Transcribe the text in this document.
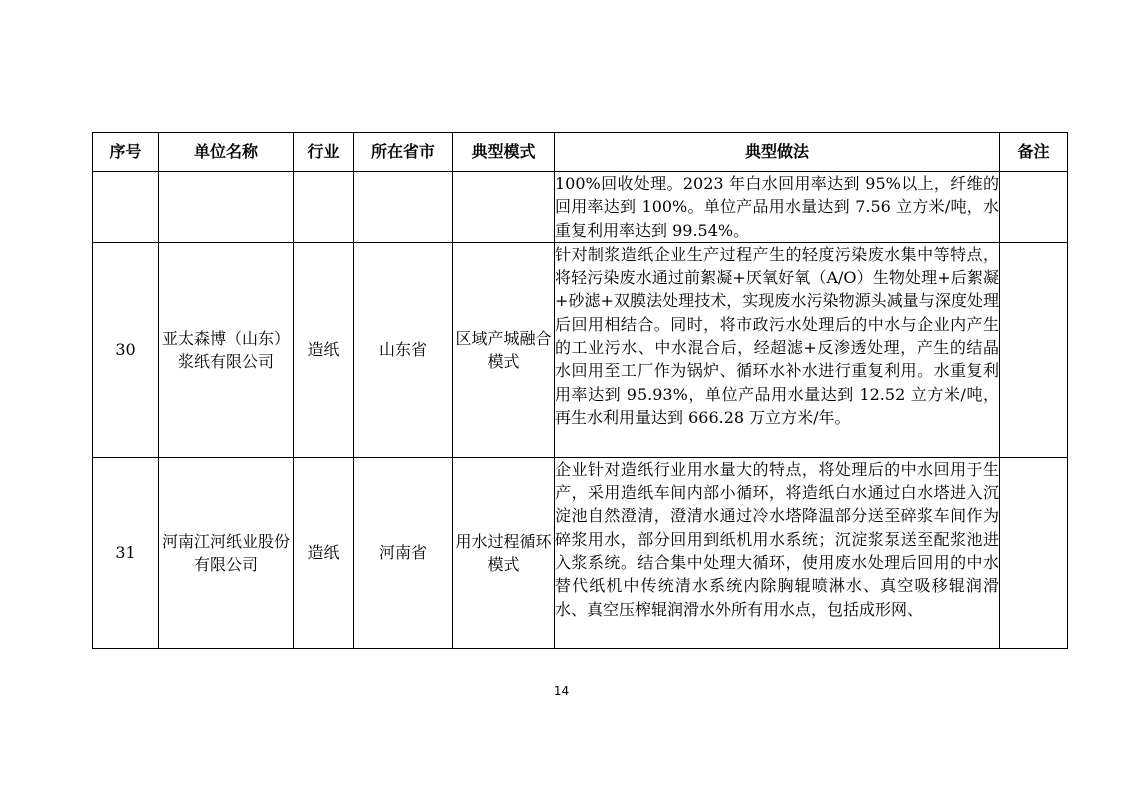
序号	单位名称	行业	所在省市	典型模式	典型做法	备注
					100%回收处理。2023 年白水回用率达到 95%以上，纤维的回用率达到 100%。单位产品用水量达到 7.56 立方米/吨，水重复利用率达到 99.54%。	
30	亚太森博（山东）浆纸有限公司	造纸	山东省	区域产城融合模式	针对制浆造纸企业生产过程产生的轻度污染废水集中等特点，将轻污染废水通过前絮凝+厌氧好氧（A/O）生物处理+后絮凝+砂滤+双膜法处理技术，实现废水污染物源头减量与深度处理后回用相结合。同时，将市政污水处理后的中水与企业内产生的工业污水、中水混合后，经超滤+反渗透处理，产生的结晶水回用至工厂作为锅炉、循环水补水进行重复利用。水重复利用率达到 95.93%，单位产品用水量达到 12.52 立方米/吨，再生水利用量达到 666.28 万立方米/年。	
31	河南江河纸业股份有限公司	造纸	河南省	用水过程循环模式	企业针对造纸行业用水量大的特点，将处理后的中水回用于生产，采用造纸车间内部小循环，将造纸白水通过白水塔进入沉淀池自然澄清，澄清水通过冷水塔降温部分送至碎浆车间作为碎浆用水，部分回用到纸机用水系统；沉淀浆泵送至配浆池进入浆系统。结合集中处理大循环，使用废水处理后回用的中水替代纸机中传统清水系统内除胸辊喷淋水、真空吸移辊润滑水、真空压榨辊润滑水外所有用水点，包括成形网、	
14
